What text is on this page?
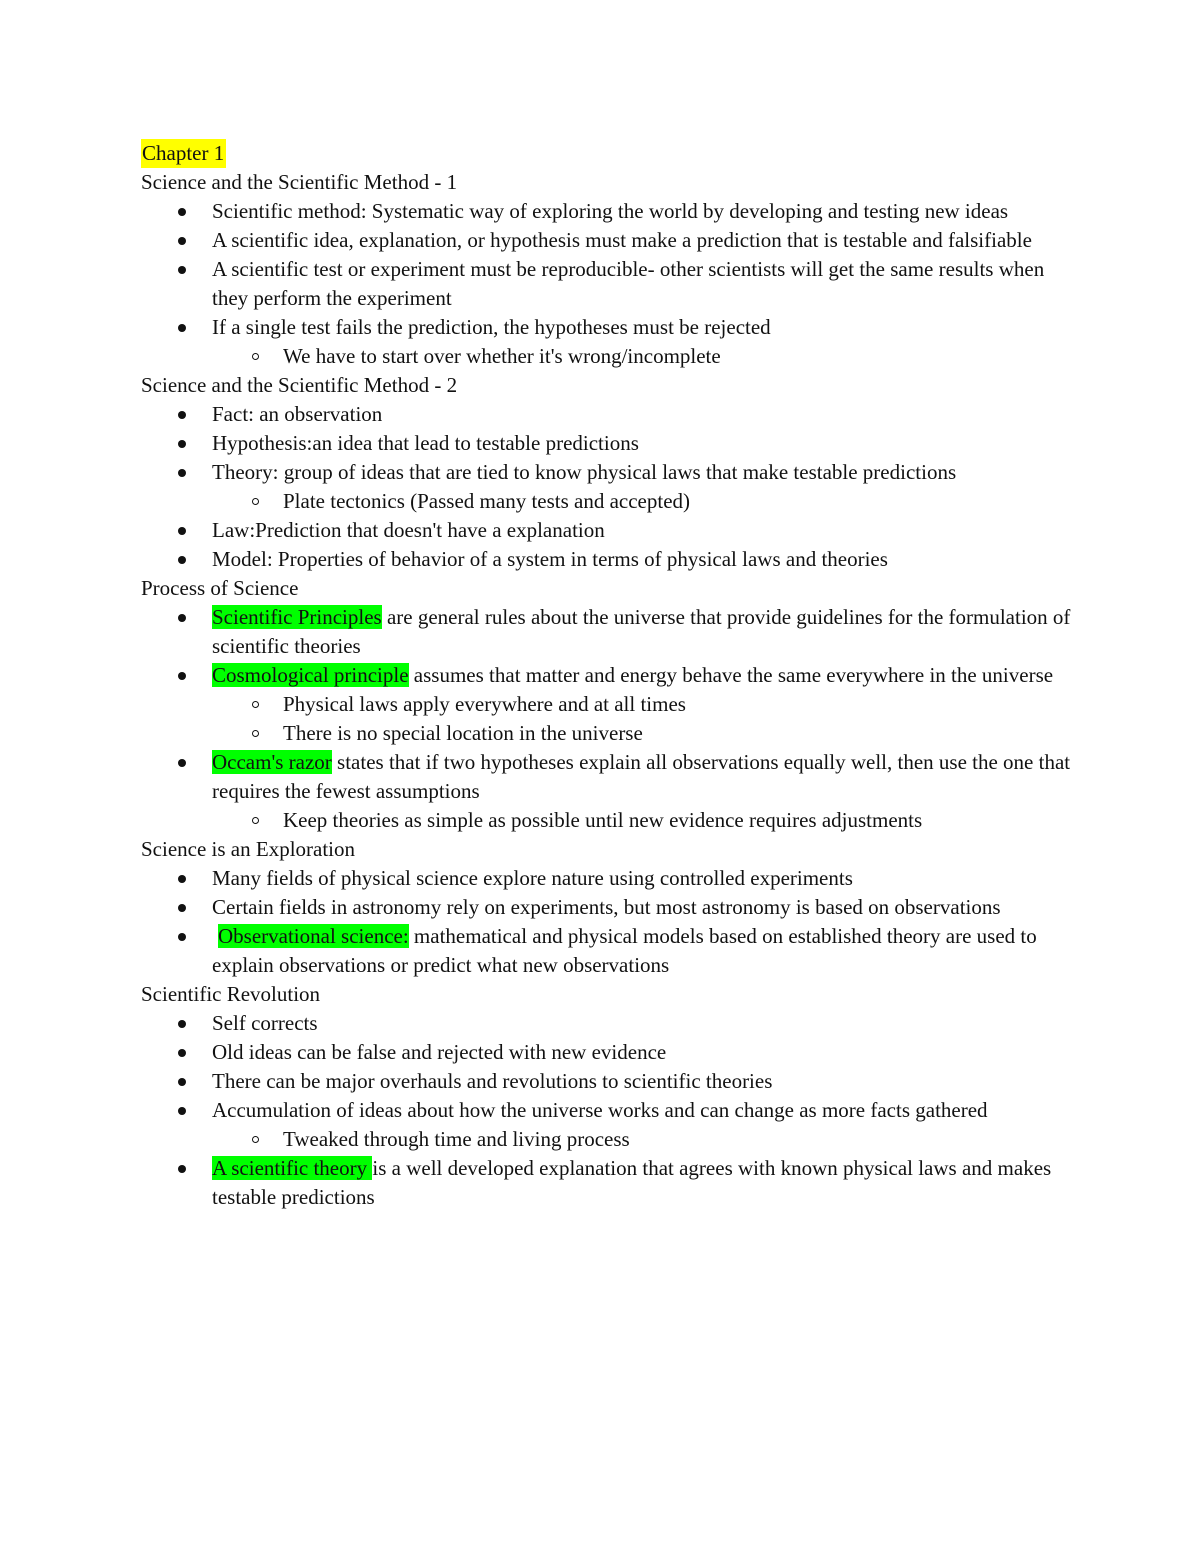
Chapter 1
Science and the Scientific Method - 1
Scientific method: Systematic way of exploring the world by developing and testing new ideas
A scientific idea, explanation, or hypothesis must make a prediction that is testable and falsifiable
A scientific test or experiment must be reproducible- other scientists will get the same results when they perform the experiment
If a single test fails the prediction, the hypotheses must be rejected
We have to start over whether it's wrong/incomplete
Science and the Scientific Method - 2
Fact: an observation
Hypothesis:an idea that lead to testable predictions
Theory: group of ideas that are tied to know physical laws that make testable predictions
Plate tectonics (Passed many tests and accepted)
Law:Prediction that doesn't have a explanation
Model: Properties of behavior of a system in terms of physical laws and theories
Process of Science
Scientific Principles are general rules about the universe that provide guidelines for the formulation of scientific theories
Cosmological principle assumes that matter and energy behave the same everywhere in the universe
Physical laws apply everywhere and at all times
There is no special location in the universe
Occam's razor states that if two hypotheses explain all observations equally well, then use the one that requires the fewest assumptions
Keep theories as simple as possible until new evidence requires adjustments
Science is an Exploration
Many fields of physical science explore nature using controlled experiments
Certain fields in astronomy rely on experiments, but most astronomy is based on observations
Observational science: mathematical and physical models based on established theory are used to explain observations or predict what new observations
Scientific Revolution
Self corrects
Old ideas can be false and rejected with new evidence
There can be major overhauls and revolutions to scientific theories
Accumulation of ideas about how the universe works and can change as more facts gathered
Tweaked through time and living process
A scientific theory is a well developed explanation that agrees with known physical laws and makes testable predictions
